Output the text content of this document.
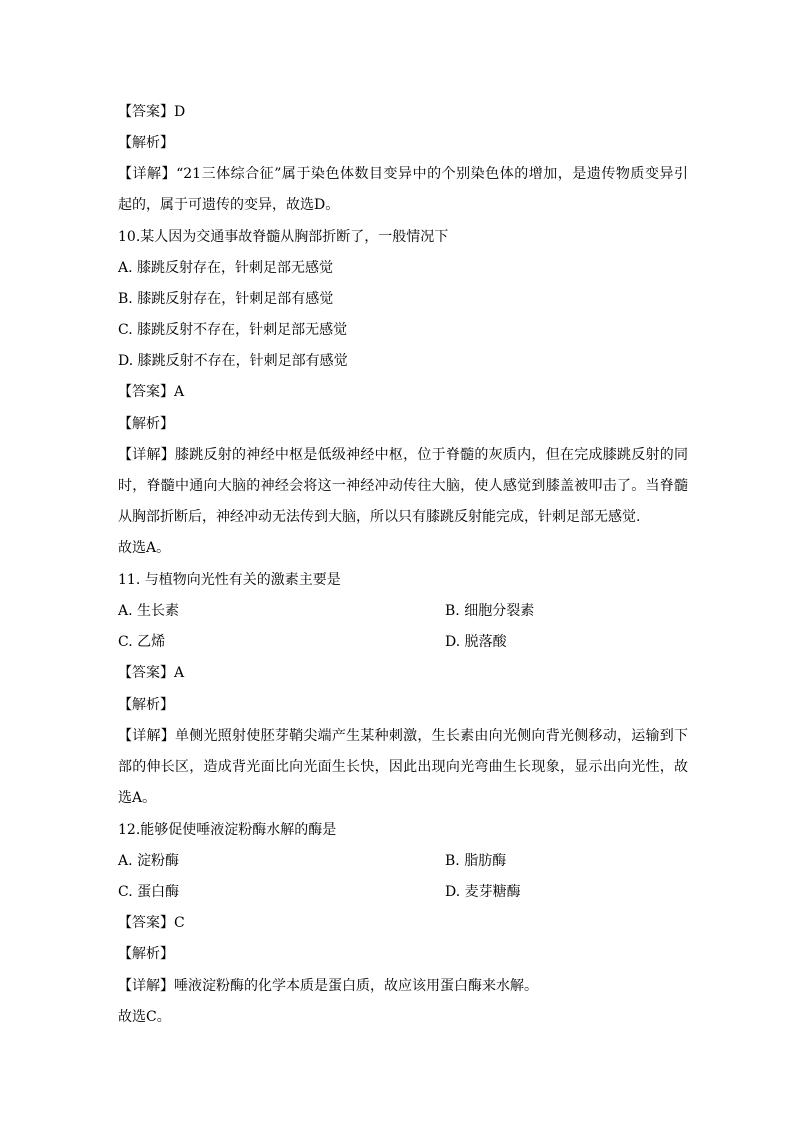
【答案】D
【解析】
【详解】“21三体综合征”属于染色体数目变异中的个别染色体的增加，是遗传物质变异引
起的，属于可遗传的变异，故选D。
10.某人因为交通事故脊髓从胸部折断了，一般情况下
A. 膝跳反射存在，针刺足部无感觉
B. 膝跳反射存在，针刺足部有感觉
C. 膝跳反射不存在，针刺足部无感觉
D. 膝跳反射不存在，针刺足部有感觉
【答案】A
【解析】
【详解】膝跳反射的神经中枢是低级神经中枢，位于脊髓的灰质内，但在完成膝跳反射的同
时，脊髓中通向大脑的神经会将这一神经冲动传往大脑，使人感觉到膝盖被叩击了。当脊髓
从胸部折断后，神经冲动无法传到大脑，所以只有膝跳反射能完成，针刺足部无感觉.
故选A。
11. 与植物向光性有关的激素主要是
A. 生长素	B. 细胞分裂素
C. 乙烯	D. 脱落酸
【答案】A
【解析】
【详解】单侧光照射使胚芽鞘尖端产生某种刺激，生长素由向光侧向背光侧移动，运输到下
部的伸长区，造成背光面比向光面生长快，因此出现向光弯曲生长现象，显示出向光性，故
选A。
12.能够促使唾液淀粉酶水解的酶是
A. 淀粉酶	B. 脂肪酶
C. 蛋白酶	D. 麦芽糖酶
【答案】C
【解析】
【详解】唾液淀粉酶的化学本质是蛋白质，故应该用蛋白酶来水解。
故选C。
